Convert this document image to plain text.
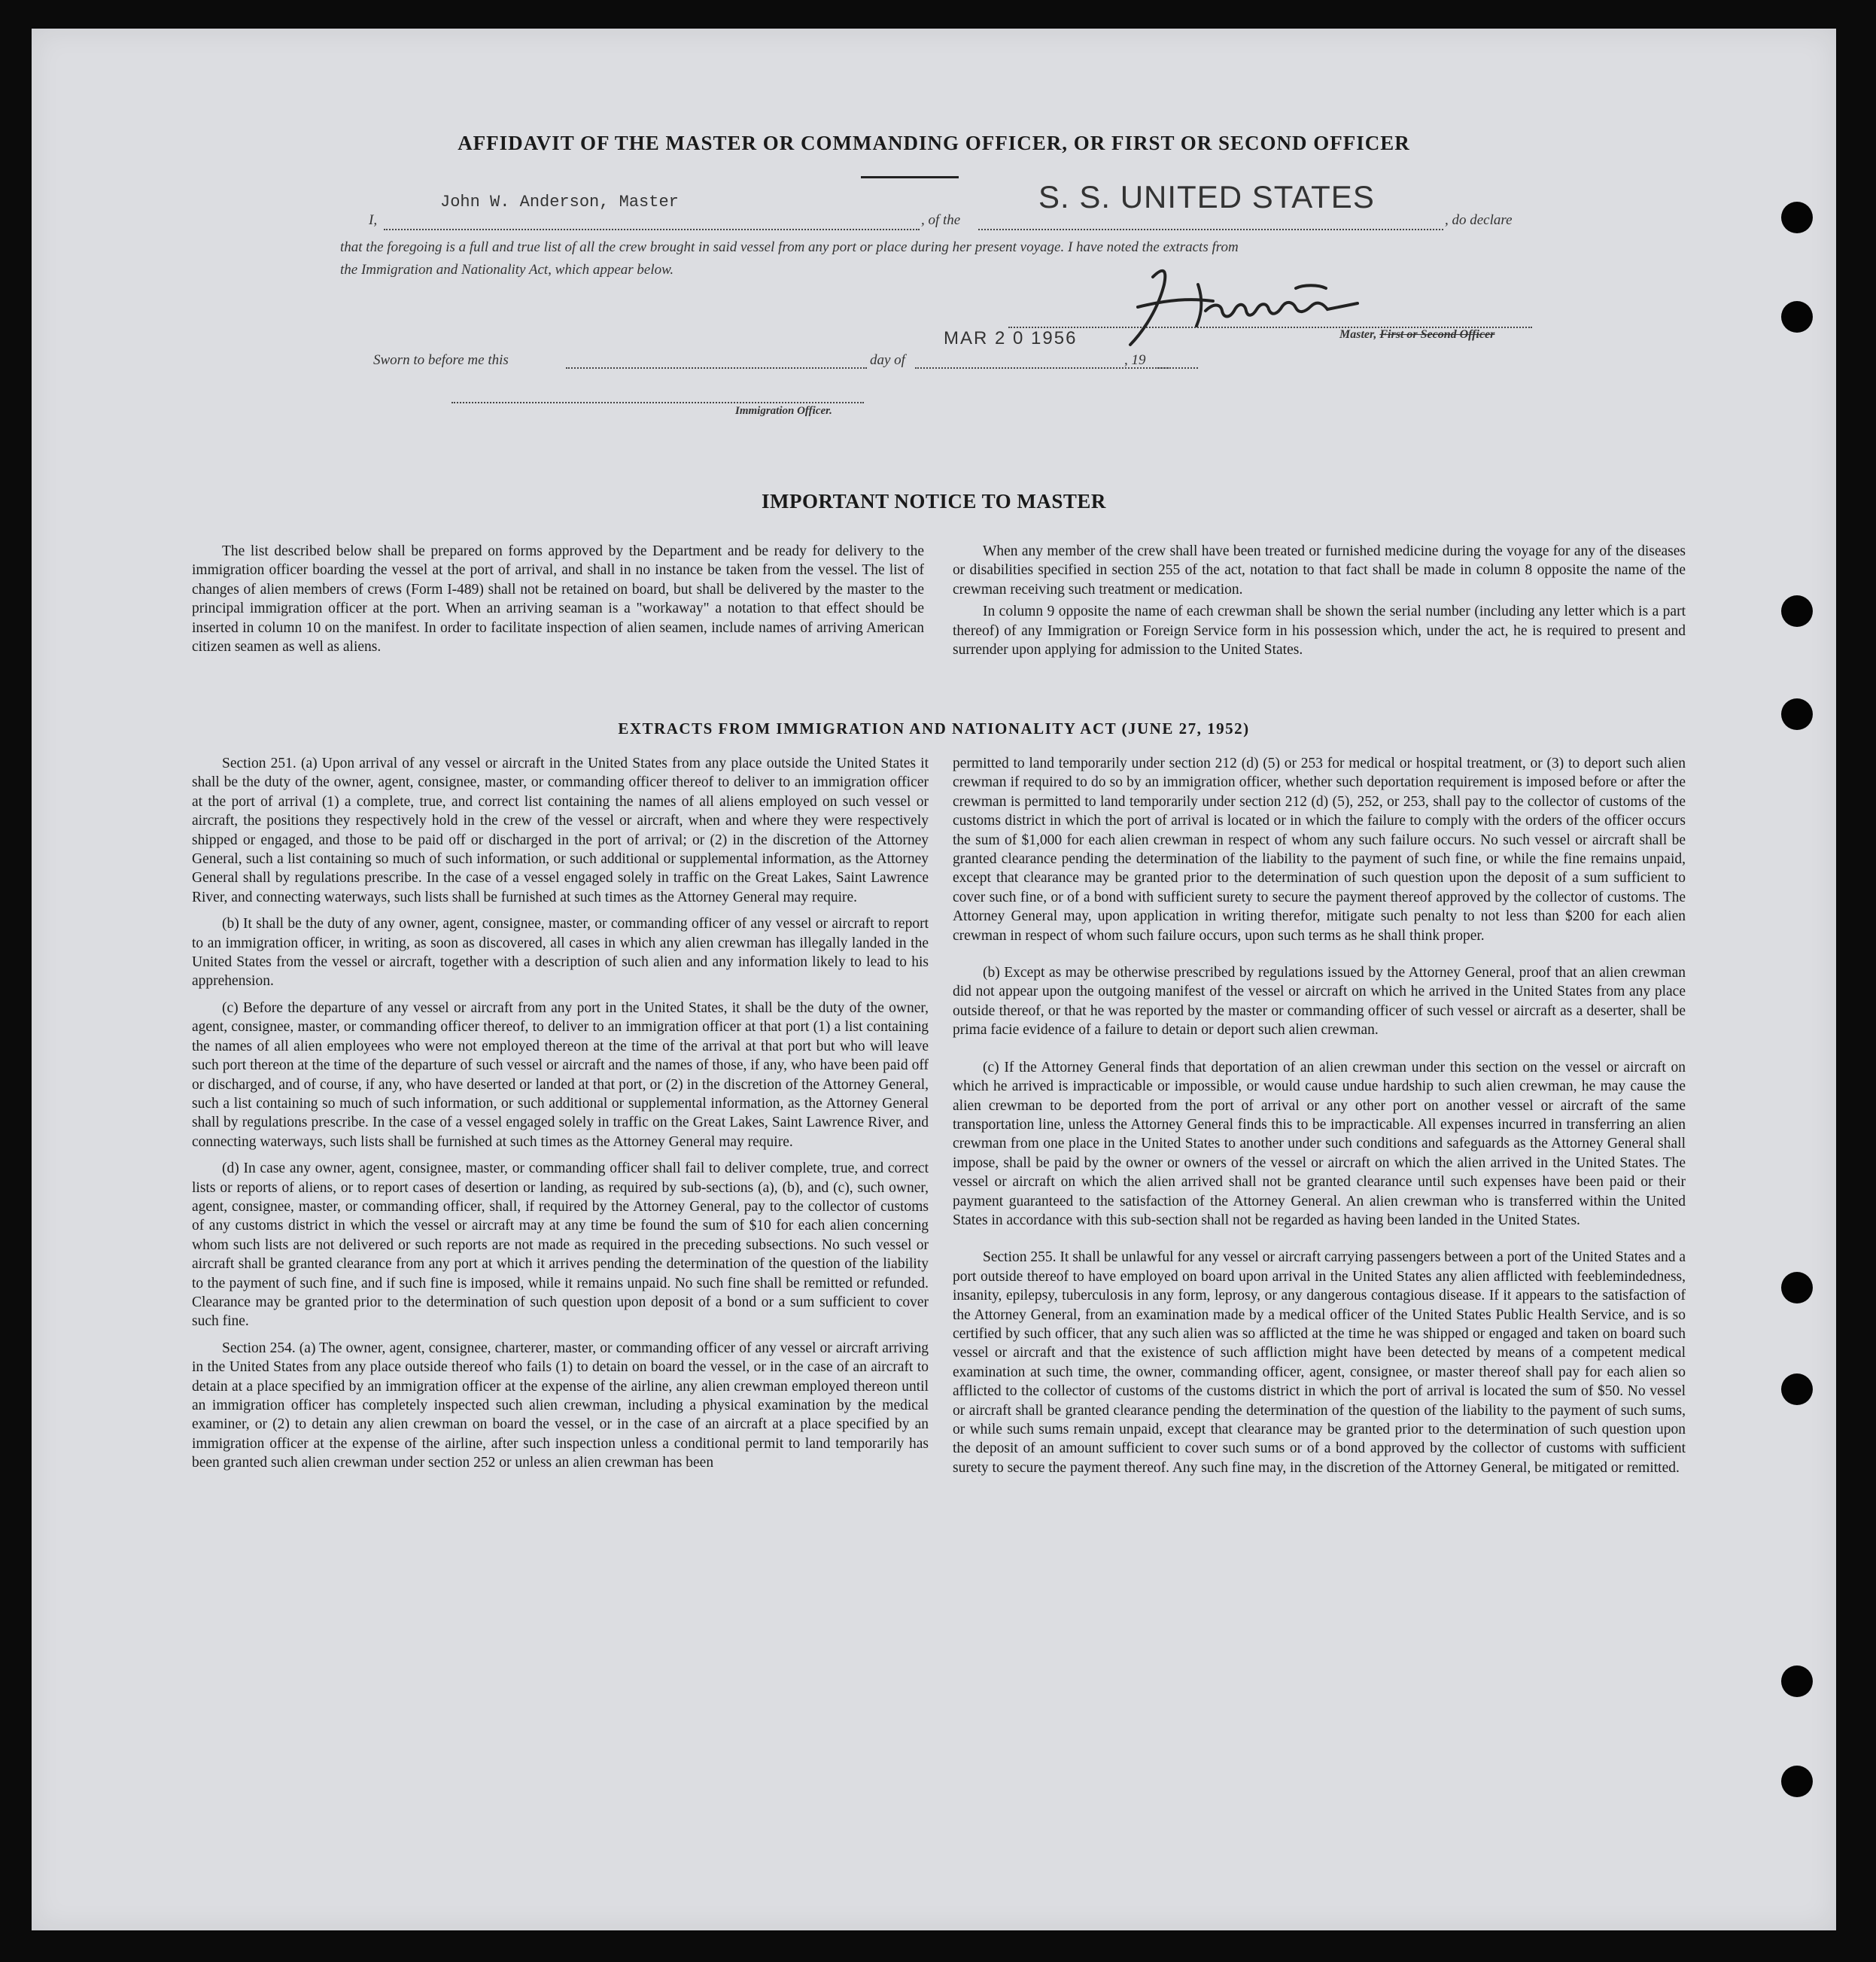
AFFIDAVIT OF THE MASTER OR COMMANDING OFFICER, OR FIRST OR SECOND OFFICER
I,
John W. Anderson, Master
, of the
S. S. UNITED STATES
, do declare
that the foregoing is a full and true list of all the crew brought in said vessel from any port or place during her present voyage. I have noted the extracts from
the Immigration and Nationality Act, which appear below.
Master, First or Second Officer
MAR 2 0 1956
Sworn to before me this	day of	, 19
Immigration Officer.
IMPORTANT NOTICE TO MASTER

The list described below shall be prepared on forms approved by the Department and be ready for delivery to the immigration officer boarding the vessel at the port of arrival, and shall in no instance be taken from the vessel. The list of changes of alien members of crews (Form I-489) shall not be retained on board, but shall be delivered by the master to the principal immigration officer at the port. When an arriving seaman is a "workaway" a notation to that effect should be inserted in column 10 on the manifest. In order to facilitate inspection of alien seamen, include names of arriving American citizen seamen as well as aliens.

When any member of the crew shall have been treated or furnished medicine during the voyage for any of the diseases or disabilities specified in section 255 of the act, notation to that fact shall be made in column 8 opposite the name of the crewman receiving such treatment or medication.

In column 9 opposite the name of each crewman shall be shown the serial number (including any letter which is a part thereof) of any Immigration or Foreign Service form in his possession which, under the act, he is required to present and surrender upon applying for admission to the United States.

EXTRACTS FROM IMMIGRATION AND NATIONALITY ACT (JUNE 27, 1952)

Section 251. (a) Upon arrival of any vessel or aircraft in the United States from any place outside the United States it shall be the duty of the owner, agent, consignee, master, or commanding officer thereof to deliver to an immigration officer at the port of arrival (1) a complete, true, and correct list containing the names of all aliens employed on such vessel or aircraft, the positions they respectively hold in the crew of the vessel or aircraft, when and where they were respectively shipped or engaged, and those to be paid off or discharged in the port of arrival; or (2) in the discretion of the Attorney General, such a list containing so much of such information, or such additional or supplemental information, as the Attorney General shall by regulations prescribe. In the case of a vessel engaged solely in traffic on the Great Lakes, Saint Lawrence River, and connecting waterways, such lists shall be furnished at such times as the Attorney General may require.

(b) It shall be the duty of any owner, agent, consignee, master, or commanding officer of any vessel or aircraft to report to an immigration officer, in writing, as soon as discovered, all cases in which any alien crewman has illegally landed in the United States from the vessel or aircraft, together with a description of such alien and any information likely to lead to his apprehension.

(c) Before the departure of any vessel or aircraft from any port in the United States, it shall be the duty of the owner, agent, consignee, master, or commanding officer thereof, to deliver to an immigration officer at that port (1) a list containing the names of all alien employees who were not employed thereon at the time of the arrival at that port but who will leave such port thereon at the time of the departure of such vessel or aircraft and the names of those, if any, who have been paid off or discharged, and of course, if any, who have deserted or landed at that port, or (2) in the discretion of the Attorney General, such a list containing so much of such information, or such additional or supplemental information, as the Attorney General shall by regulations prescribe. In the case of a vessel engaged solely in traffic on the Great Lakes, Saint Lawrence River, and connecting waterways, such lists shall be furnished at such times as the Attorney General may require.

(d) In case any owner, agent, consignee, master, or commanding officer shall fail to deliver complete, true, and correct lists or reports of aliens, or to report cases of desertion or landing, as required by sub-sections (a), (b), and (c), such owner, agent, consignee, master, or commanding officer, shall, if required by the Attorney General, pay to the collector of customs of any customs district in which the vessel or aircraft may at any time be found the sum of $10 for each alien concerning whom such lists are not delivered or such reports are not made as required in the preceding subsections. No such vessel or aircraft shall be granted clearance from any port at which it arrives pending the determination of the question of the liability to the payment of such fine, and if such fine is imposed, while it remains unpaid. No such fine shall be remitted or refunded. Clearance may be granted prior to the determination of such question upon deposit of a bond or a sum sufficient to cover such fine.

Section 254. (a) The owner, agent, consignee, charterer, master, or commanding officer of any vessel or aircraft arriving in the United States from any place outside thereof who fails (1) to detain on board the vessel, or in the case of an aircraft to detain at a place specified by an immigration officer at the expense of the airline, any alien crewman employed thereon until an immigration officer has completely inspected such alien crewman, including a physical examination by the medical examiner, or (2) to detain any alien crewman on board the vessel, or in the case of an aircraft at a place specified by an immigration officer at the expense of the airline, after such inspection unless a conditional permit to land temporarily has been granted such alien crewman under section 252 or unless an alien crewman has been

permitted to land temporarily under section 212 (d) (5) or 253 for medical or hospital treatment, or (3) to deport such alien crewman if required to do so by an immigration officer, whether such deportation requirement is imposed before or after the crewman is permitted to land temporarily under section 212 (d) (5), 252, or 253, shall pay to the collector of customs of the customs district in which the port of arrival is located or in which the failure to comply with the orders of the officer occurs the sum of $1,000 for each alien crewman in respect of whom any such failure occurs. No such vessel or aircraft shall be granted clearance pending the determination of the liability to the payment of such fine, or while the fine remains unpaid, except that clearance may be granted prior to the determination of such question upon the deposit of a sum sufficient to cover such fine, or of a bond with sufficient surety to secure the payment thereof approved by the collector of customs. The Attorney General may, upon application in writing therefor, mitigate such penalty to not less than $200 for each alien crewman in respect of whom such failure occurs, upon such terms as he shall think proper.

(b) Except as may be otherwise prescribed by regulations issued by the Attorney General, proof that an alien crewman did not appear upon the outgoing manifest of the vessel or aircraft on which he arrived in the United States from any place outside thereof, or that he was reported by the master or commanding officer of such vessel or aircraft as a deserter, shall be prima facie evidence of a failure to detain or deport such alien crewman.

(c) If the Attorney General finds that deportation of an alien crewman under this section on the vessel or aircraft on which he arrived is impracticable or impossible, or would cause undue hardship to such alien crewman, he may cause the alien crewman to be deported from the port of arrival or any other port on another vessel or aircraft of the same transportation line, unless the Attorney General finds this to be impracticable. All expenses incurred in transferring an alien crewman from one place in the United States to another under such conditions and safeguards as the Attorney General shall impose, shall be paid by the owner or owners of the vessel or aircraft on which the alien arrived in the United States. The vessel or aircraft on which the alien arrived shall not be granted clearance until such expenses have been paid or their payment guaranteed to the satisfaction of the Attorney General. An alien crewman who is transferred within the United States in accordance with this sub-section shall not be regarded as having been landed in the United States.

Section 255. It shall be unlawful for any vessel or aircraft carrying passengers between a port of the United States and a port outside thereof to have employed on board upon arrival in the United States any alien afflicted with feeblemindedness, insanity, epilepsy, tuberculosis in any form, leprosy, or any dangerous contagious disease. If it appears to the satisfaction of the Attorney General, from an examination made by a medical officer of the United States Public Health Service, and is so certified by such officer, that any such alien was so afflicted at the time he was shipped or engaged and taken on board such vessel or aircraft and that the existence of such affliction might have been detected by means of a competent medical examination at such time, the owner, commanding officer, agent, consignee, or master thereof shall pay for each alien so afflicted to the collector of customs of the customs district in which the port of arrival is located the sum of $50. No vessel or aircraft shall be granted clearance pending the determination of the question of the liability to the payment of such sums, or while such sums remain unpaid, except that clearance may be granted prior to the determination of such question upon the deposit of an amount sufficient to cover such sums or of a bond approved by the collector of customs with sufficient surety to secure the payment thereof. Any such fine may, in the discretion of the Attorney General, be mitigated or remitted.
